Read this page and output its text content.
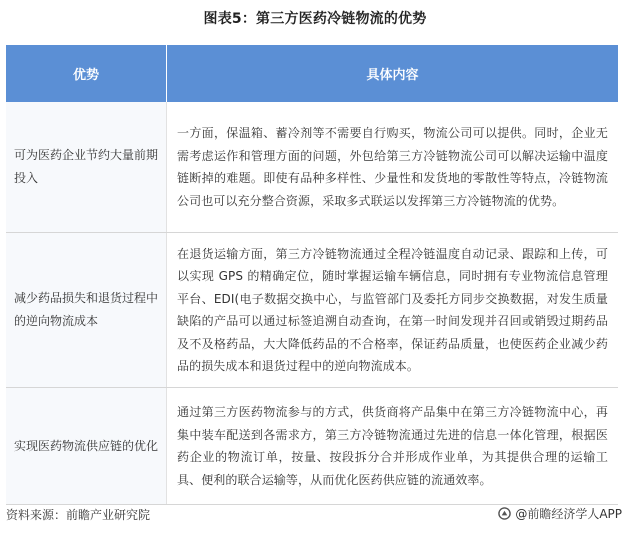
图表5：第三方医药冷链物流的优势
优势	具体内容
可为医药企业节约大量前期投入	一方面，保温箱、蓄冷剂等不需要自行购买，物流公司可以提供。同时，企业无需考虑运作和管理方面的问题，外包给第三方冷链物流公司可以解决运输中温度链断掉的难题。即使有品种多样性、少量性和发货地的零散性等特点，冷链物流公司也可以充分整合资源，采取多式联运以发挥第三方冷链物流的优势。
减少药品损失和退货过程中的逆向物流成本	在退货运输方面，第三方冷链物流通过全程冷链温度自动记录、跟踪和上传，可以实现 GPS 的精确定位，随时掌握运输车辆信息，同时拥有专业物流信息管理平台、EDI(电子数据交换中心，与监管部门及委托方同步交换数据，对发生质量缺陷的产品可以通过标签追溯自动查询，在第一时间发现并召回或销毁过期药品及不及格药品，大大降低药品的不合格率，保证药品质量，也使医药企业减少药品的损失成本和退货过程中的逆向物流成本。
实现医药物流供应链的优化	通过第三方医药物流参与的方式，供货商将产品集中在第三方冷链物流中心，再集中装车配送到各需求方，第三方冷链物流通过先进的信息一体化管理，根据医药企业的物流订单，按量、按段拆分合并形成作业单，为其提供合理的运输工具、便利的联合运输等，从而优化医药供应链的流通效率。
资料来源：前瞻产业研究院	@前瞻经济学人APP
